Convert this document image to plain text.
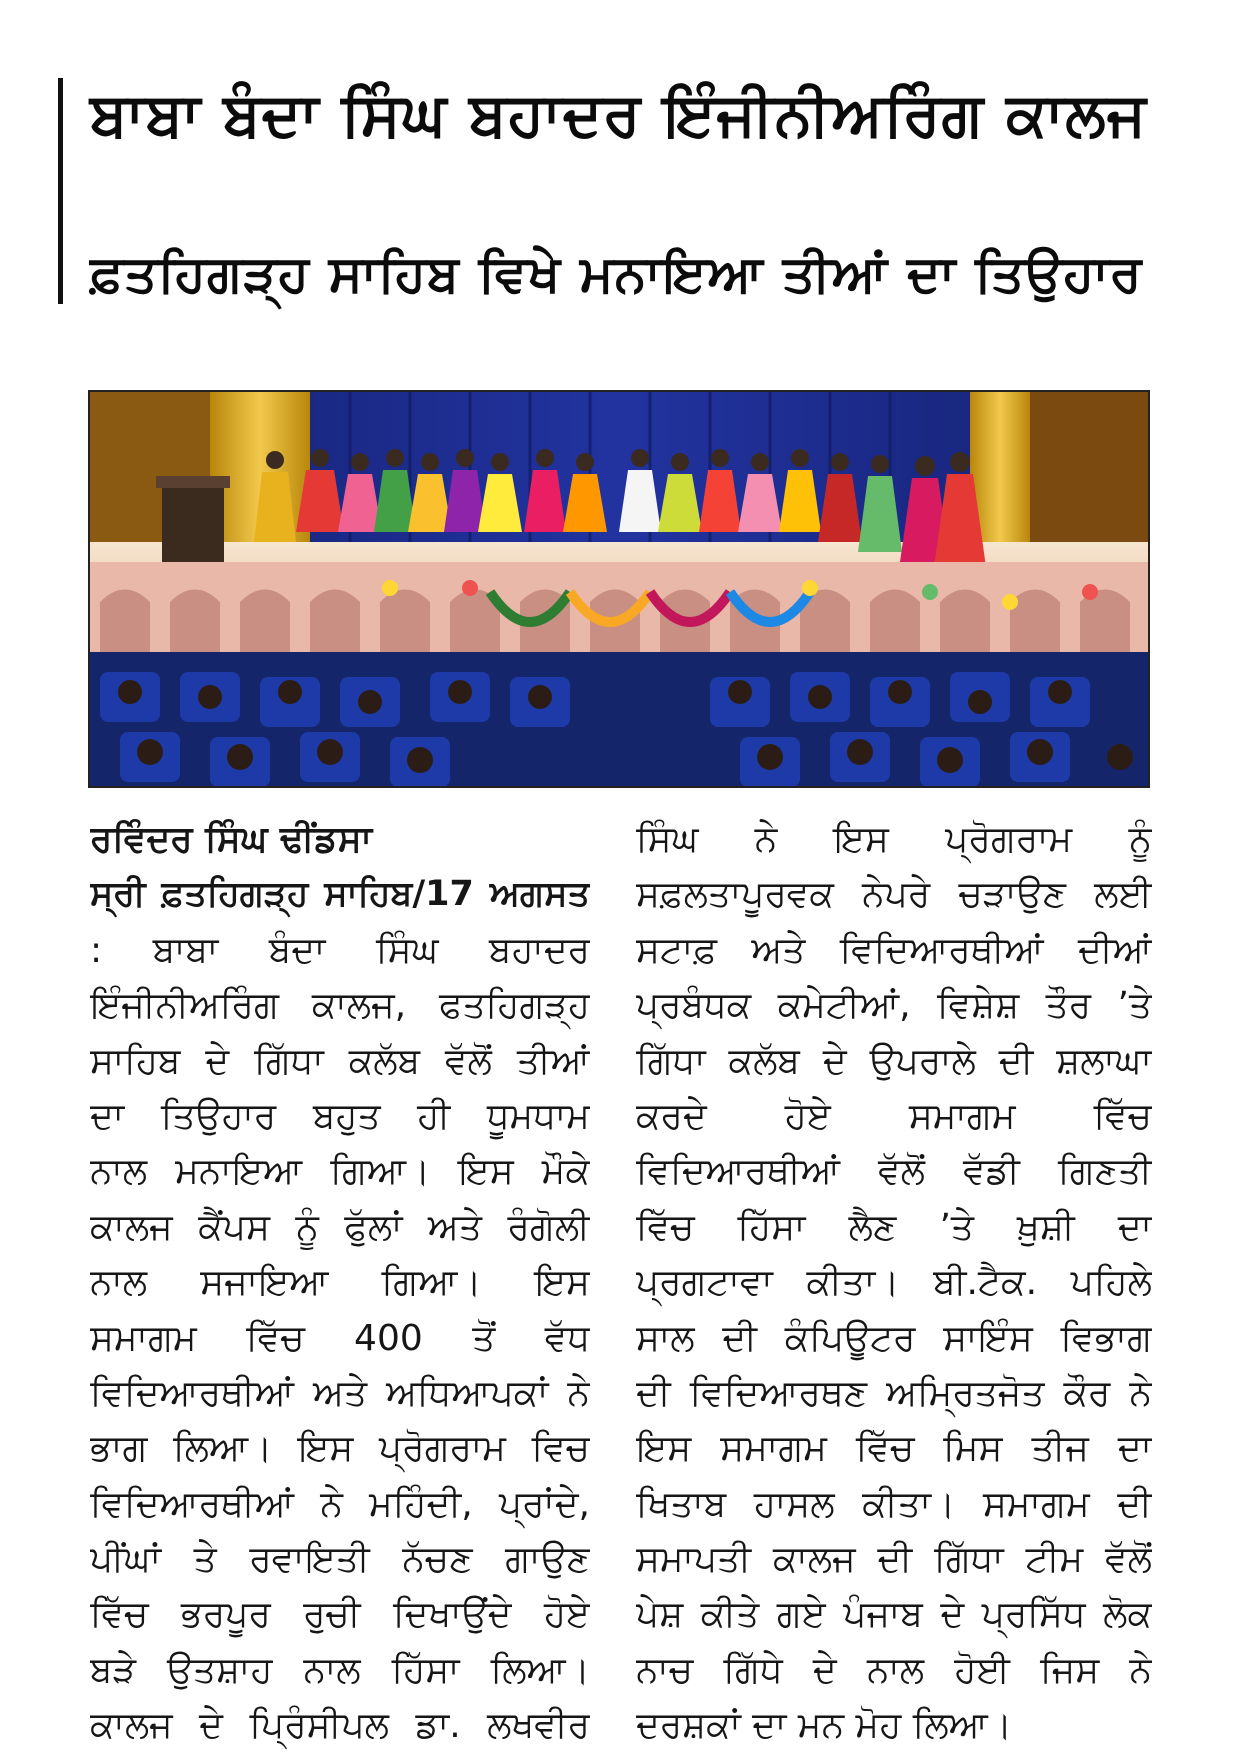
ਬਾਬਾ ਬੰਦਾ ਸਿੰਘ ਬਹਾਦਰ ਇੰਜੀਨੀਅਰਿੰਗ ਕਾਲਜ
ਫ਼ਤਹਿਗੜ੍ਹ ਸਾਹਿਬ ਵਿਖੇ ਮਨਾਇਆ ਤੀਆਂ ਦਾ ਤਿਉਹਾਰ
ਰਵਿੰਦਰ ਸਿੰਘ ਢੀਂਡਸਾ
ਸ੍ਰੀ ਫ਼ਤਹਿਗੜ੍ਹ ਸਾਹਿਬ/17 ਅਗਸਤ
: ਬਾਬਾ ਬੰਦਾ ਸਿੰਘ ਬਹਾਦਰ
ਇੰਜੀਨੀਅਰਿੰਗ ਕਾਲਜ, ਫਤਹਿਗੜ੍ਹ
ਸਾਹਿਬ ਦੇ ਗਿੱਧਾ ਕਲੱਬ ਵੱਲੋਂ ਤੀਆਂ
ਦਾ ਤਿਉਹਾਰ ਬਹੁਤ ਹੀ ਧੂਮਧਾਮ
ਨਾਲ ਮਨਾਇਆ ਗਿਆ। ਇਸ ਮੌਕੇ
ਕਾਲਜ ਕੈਂਪਸ ਨੂੰ ਫੁੱਲਾਂ ਅਤੇ ਰੰਗੋਲੀ
ਨਾਲ ਸਜਾਇਆ ਗਿਆ। ਇਸ
ਸਮਾਗਮ ਵਿੱਚ 400 ਤੋਂ ਵੱਧ
ਵਿਦਿਆਰਥੀਆਂ ਅਤੇ ਅਧਿਆਪਕਾਂ ਨੇ
ਭਾਗ ਲਿਆ। ਇਸ ਪ੍ਰੋਗਰਾਮ ਵਿਚ
ਵਿਦਿਆਰਥੀਆਂ ਨੇ ਮਹਿੰਦੀ, ਪ੍ਰਾਂਦੇ,
ਪੀਂਘਾਂ ਤੇ ਰਵਾਇਤੀ ਨੱਚਣ ਗਾਉਣ
ਵਿੱਚ ਭਰਪੂਰ ਰੁਚੀ ਦਿਖਾਉਂਦੇ ਹੋਏ
ਬੜੇ ਉਤਸ਼ਾਹ ਨਾਲ ਹਿੱਸਾ ਲਿਆ।
ਕਾਲਜ ਦੇ ਪ੍ਰਿੰਸੀਪਲ ਡਾ. ਲਖਵੀਰ
ਸਿੰਘ ਨੇ ਇਸ ਪ੍ਰੋਗਰਾਮ ਨੂੰ
ਸਫ਼ਲਤਾਪੂਰਵਕ ਨੇਪਰੇ ਚੜਾਉਣ ਲਈ
ਸਟਾਫ਼ ਅਤੇ ਵਿਦਿਆਰਥੀਆਂ ਦੀਆਂ
ਪ੍ਰਬੰਧਕ ਕਮੇਟੀਆਂ, ਵਿਸ਼ੇਸ਼ ਤੌਰ ’ਤੇ
ਗਿੱਧਾ ਕਲੱਬ ਦੇ ਉਪਰਾਲੇ ਦੀ ਸ਼ਲਾਘਾ
ਕਰਦੇ ਹੋਏ ਸਮਾਗਮ ਵਿੱਚ
ਵਿਦਿਆਰਥੀਆਂ ਵੱਲੋਂ ਵੱਡੀ ਗਿਣਤੀ
ਵਿੱਚ ਹਿੱਸਾ ਲੈਣ ’ਤੇ ਖ਼ੁਸ਼ੀ ਦਾ
ਪ੍ਰਗਟਾਵਾ ਕੀਤਾ। ਬੀ.ਟੈਕ. ਪਹਿਲੇ
ਸਾਲ ਦੀ ਕੰਪਿਊਟਰ ਸਾਇੰਸ ਵਿਭਾਗ
ਦੀ ਵਿਦਿਆਰਥਣ ਅਮ੍ਰਿਤਜੋਤ ਕੌਰ ਨੇ
ਇਸ ਸਮਾਗਮ ਵਿੱਚ ਮਿਸ ਤੀਜ ਦਾ
ਖਿਤਾਬ ਹਾਸਲ ਕੀਤਾ। ਸਮਾਗਮ ਦੀ
ਸਮਾਪਤੀ ਕਾਲਜ ਦੀ ਗਿੱਧਾ ਟੀਮ ਵੱਲੋਂ
ਪੇਸ਼ ਕੀਤੇ ਗਏ ਪੰਜਾਬ ਦੇ ਪ੍ਰਸਿੱਧ ਲੋਕ
ਨਾਚ ਗਿੱਧੇ ਦੇ ਨਾਲ ਹੋਈ ਜਿਸ ਨੇ
ਦਰਸ਼ਕਾਂ ਦਾ ਮਨ ਮੋਹ ਲਿਆ।
